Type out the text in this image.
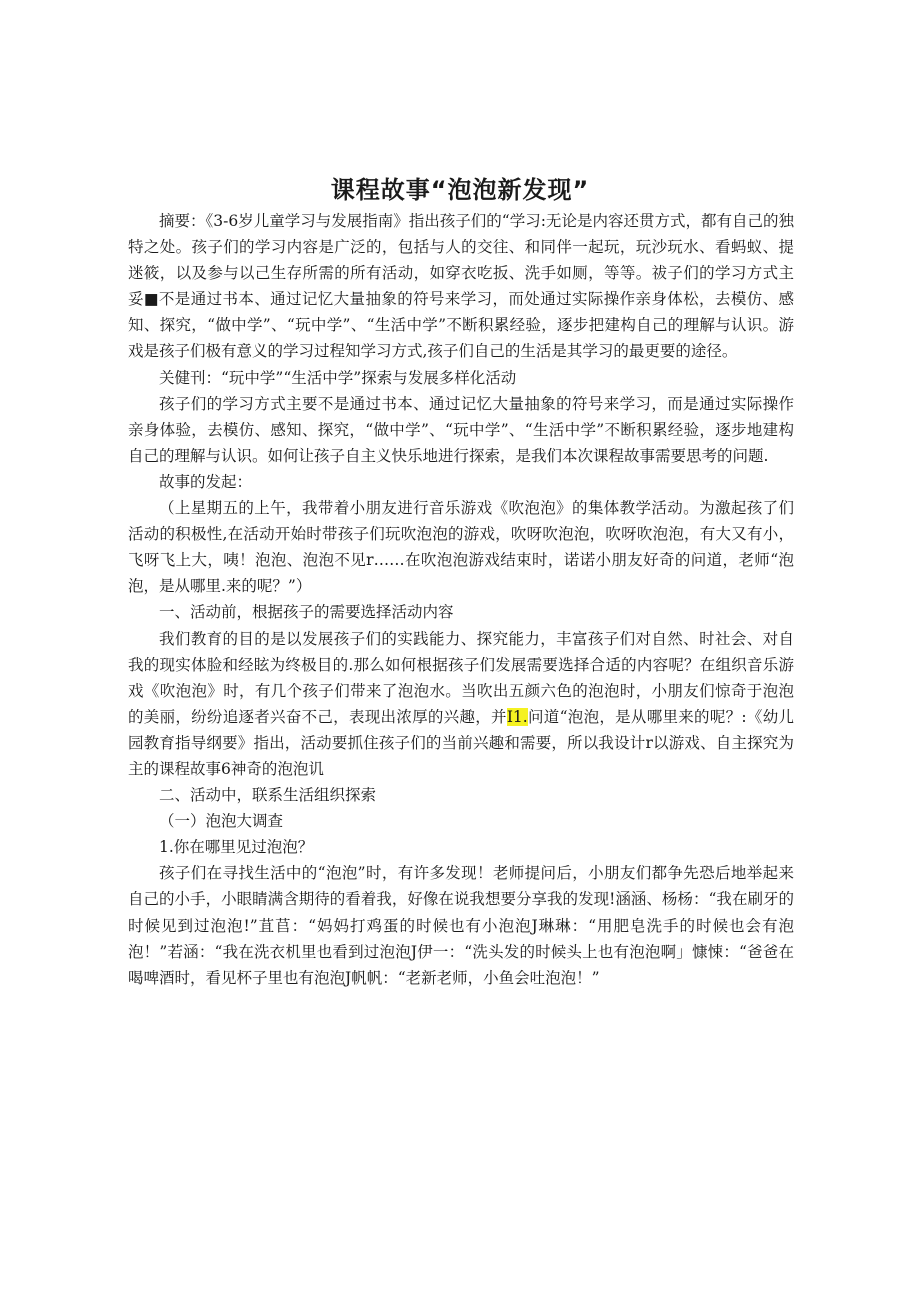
课程故事“泡泡新发现”

摘要：《3-6岁儿童学习与发展指南》指出孩子们的“学习:无论是内容还贯方式，都有自己的独特之处。孩子们的学习内容是广泛的，包括与人的交往、和同伴一起玩，玩沙玩水、看蚂蚁、提迷筱，以及参与以己生存所需的所有活动，如穿衣吃扳、洗手如厕，等等。祓子们的学习方式主妥■不是通过书本、通过记忆大量抽象的符号来学习，而处通过实际操作亲身体松，去模仿、感知、探究，“做中学”、“玩中学”、“生活中学”不断积累经验，逐步把建构自己的理解与认识。游戏是孩子们极有意义的学习过程知学习方式,孩子们自己的生活是其学习的最更要的途径。

关健刊：“玩中学”“生活中学”探索与发展多样化活动

孩子们的学习方式主要不是通过书本、通过记忆大量抽象的符号来学习，而是通过实际操作亲身体验，去模仿、感知、探究，“做中学”、“玩中学”、“生活中学”不断积累经验，逐步地建构自己的理解与认识。如何让孩子自主义快乐地进行探索，是我们本次课程故事需要思考的问题.

故事的发起：

（上星期五的上午，我带着小朋友进行音乐游戏《吹泡泡》的集体教学活动。为激起孩了们活动的积极性,在活动开始时带孩子们玩吹泡泡的游戏，吹呀吹泡泡，吹呀吹泡泡，有大又有小，飞呀飞上大，咦！泡泡、泡泡不见r……在吹泡泡游戏结束时，诺诺小朋友好奇的问道，老师“泡泡，是从哪里.来的呢？”）

一、活动前，根据孩子的需要选择活动内容

我们教育的目的是以发展孩子们的实践能力、探究能力，丰富孩子们对自然、时社会、对自我的现实体脸和经眩为终极目的.那么如何根据孩子们发展需要选择合适的内容呢？在组织音乐游戏《吹泡泡》时，有几个孩子们带来了泡泡水。当吹出五颜六色的泡泡时，小朋友们惊奇于泡泡的美丽，纷纷追逐者兴奋不己，表现出浓厚的兴趣，并I1.问道“泡泡，是从哪里来的呢？:《幼儿园教育指导纲要》指出，活动要抓住孩子们的当前兴趣和需要，所以我设计r以游戏、自主探究为主的课程故事6神奇的泡泡讥

二、活动中，联系生活组织探索

（一）泡泡大调查

1.你在哪里见过泡泡？

孩子们在寻找生活中的“泡泡”时，有许多发现！老师提问后，小朋友们都争先恐后地举起来自己的小手，小眼睛满含期待的看着我，好像在说我想要分享我的发现!涵涵、杨杨：“我在刷牙的时候见到过泡泡!”苴苢：“妈妈打鸡蛋的时候也有小泡泡J琳琳：“用肥皂洗手的时候也会有泡泡！”若涵：“我在洗衣机里也看到过泡泡J伊一：“洗头发的时候头上也有泡泡啊」慷悚：“爸爸在喝啤酒时，看见杯子里也有泡泡J帆帆：“老新老师，小鱼会吐泡泡！”
